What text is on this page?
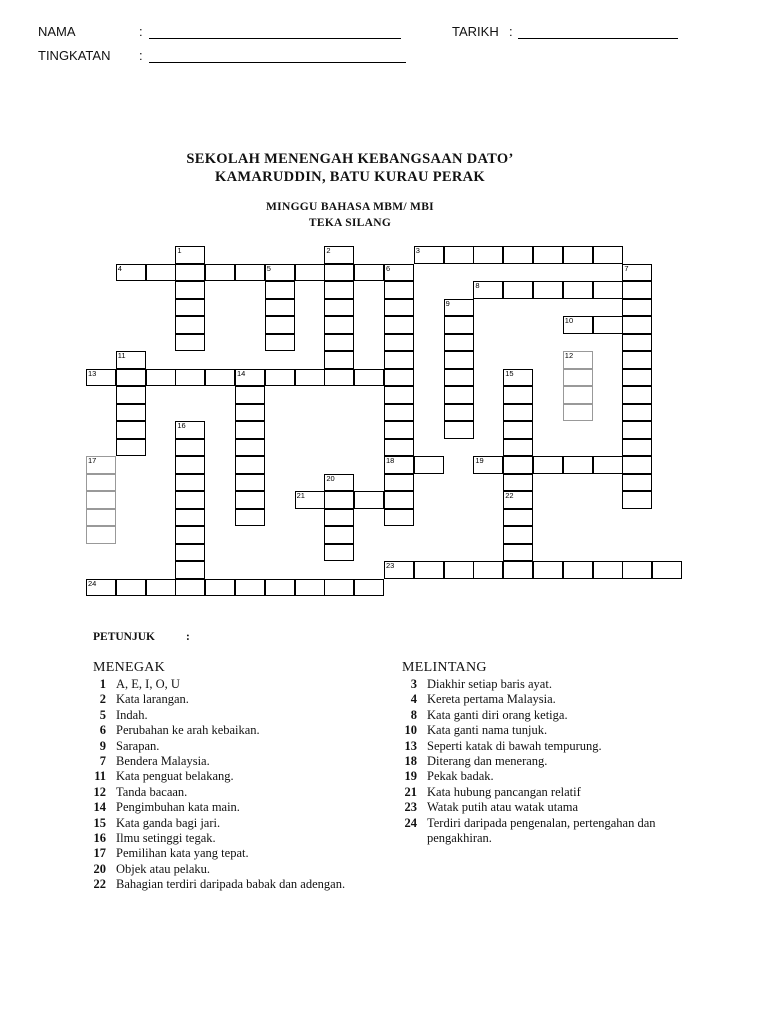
NAMA	:	TARIKH :
TINGKATAN :
SEKOLAH MENENGAH KEBANGSAAN DATO’
KAMARUDDIN, BATU KURAU PERAK
MINGGU BAHASA MBM/ MBI
TEKA SILANG
3
4
8
10
13
18	19
21
23
24
1	2
5	6	7
9
11	12
14	15
16
17
20
22
PETUNJUK	:
MENEGAK	MELINTANG
1 A, E, I, O, U
2 Kata larangan.
5 Indah.
6 Perubahan ke arah kebaikan.
9 Sarapan.
7 Bendera Malaysia.
11 Kata penguat belakang.
12 Tanda bacaan.
14 Pengimbuhan kata main.
15 Kata ganda bagi jari.
16 Ilmu setinggi tegak.
17 Pemilihan kata yang tepat.
20 Objek atau pelaku.
22 Bahagian terdiri daripada babak dan adengan.
3 Diakhir setiap baris ayat.
4 Kereta pertama Malaysia.
8 Kata ganti diri orang ketiga.
10 Kata ganti nama tunjuk.
13 Seperti katak di bawah tempurung.
18 Diterang dan menerang.
19 Pekak badak.
21 Kata hubung pancangan relatif
23 Watak putih atau watak utama
24 Terdiri daripada pengenalan, pertengahan dan pengakhiran.
